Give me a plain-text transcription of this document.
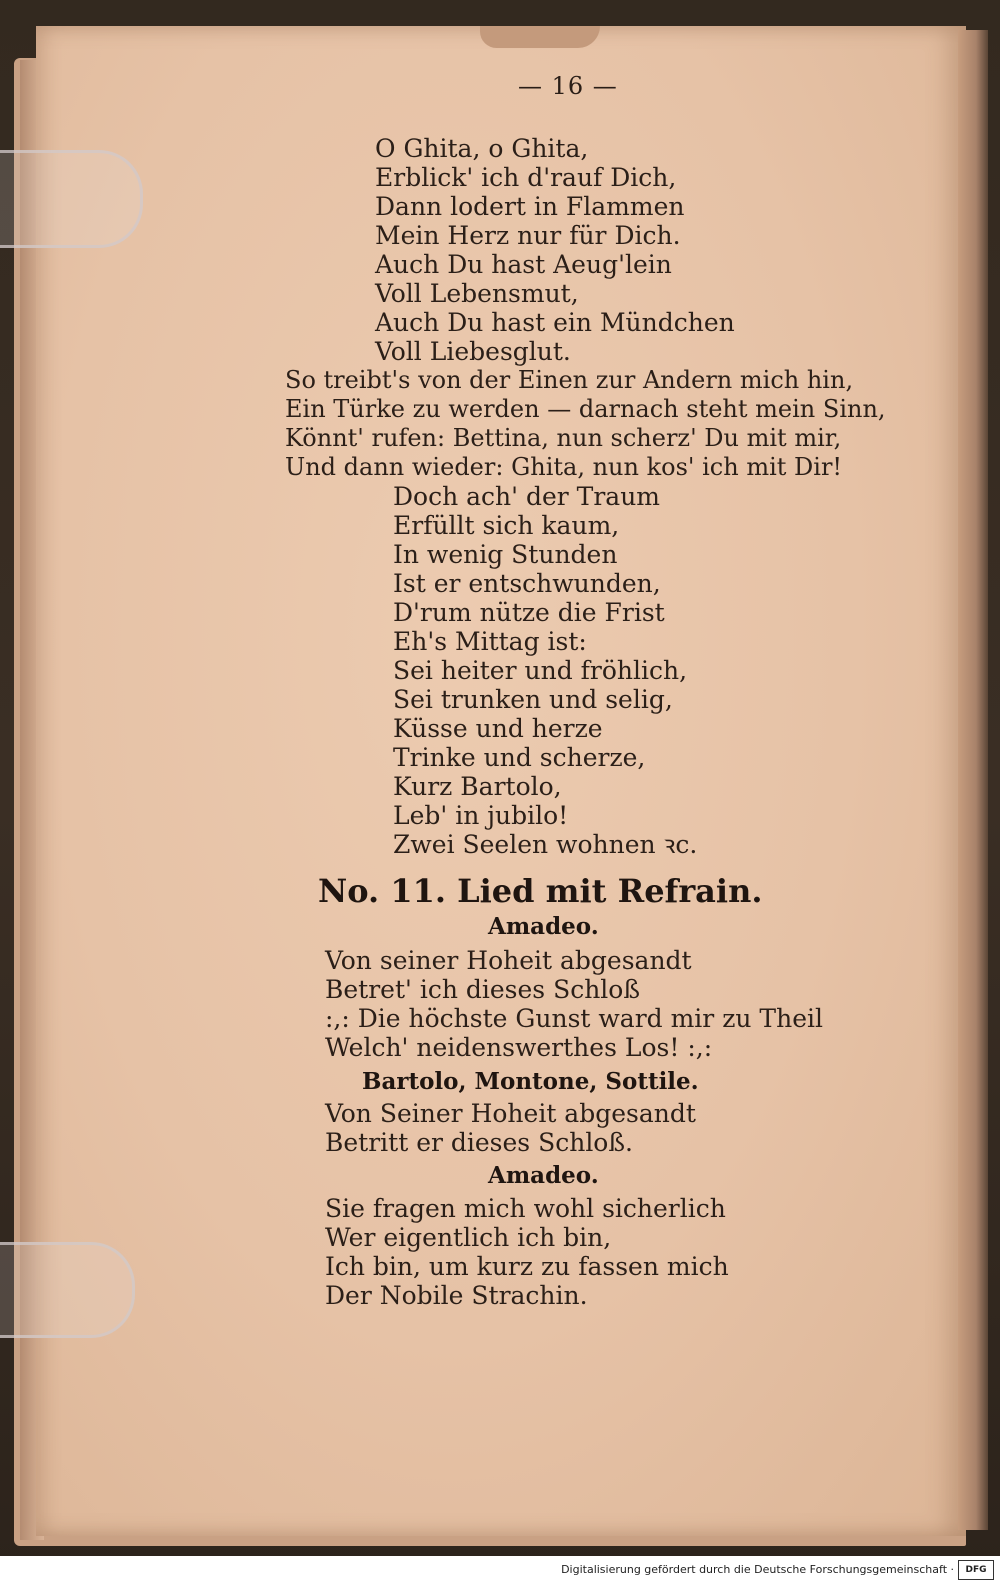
— 16 —
O Ghita, o Ghita,
Erblick' ich d'rauf Dich,
Dann lodert in Flammen
Mein Herz nur für Dich.
Auch Du hast Aeug'lein
Voll Lebensmut,
Auch Du hast ein Mündchen
Voll Liebesglut.
So treibt's von der Einen zur Andern mich hin,
Ein Türke zu werden — darnach steht mein Sinn,
Könnt' rufen: Bettina, nun scherz' Du mit mir,
Und dann wieder: Ghita, nun kos' ich mit Dir!
Doch ach' der Traum
Erfüllt sich kaum,
In wenig Stunden
Ist er entschwunden,
D'rum nütze die Frist
Eh's Mittag ist:
Sei heiter und fröhlich,
Sei trunken und selig,
Küsse und herze
Trinke und scherze,
Kurz Bartolo,
Leb' in jubilo!
Zwei Seelen wohnen ꝛc.
No. 11. Lied mit Refrain.
Amadeo.
Von seiner Hoheit abgesandt
Betret' ich dieses Schloß
:,: Die höchste Gunst ward mir zu Theil
Welch' neidenswerthes Los! :,:
Bartolo, Montone, Sottile.
Von Seiner Hoheit abgesandt
Betritt er dieses Schloß.
Amadeo.
Sie fragen mich wohl sicherlich
Wer eigentlich ich bin,
Ich bin, um kurz zu fassen mich
Der Nobile Strachin.
Digitalisierung gefördert durch die Deutsche Forschungsgemeinschaft ·	DFG
